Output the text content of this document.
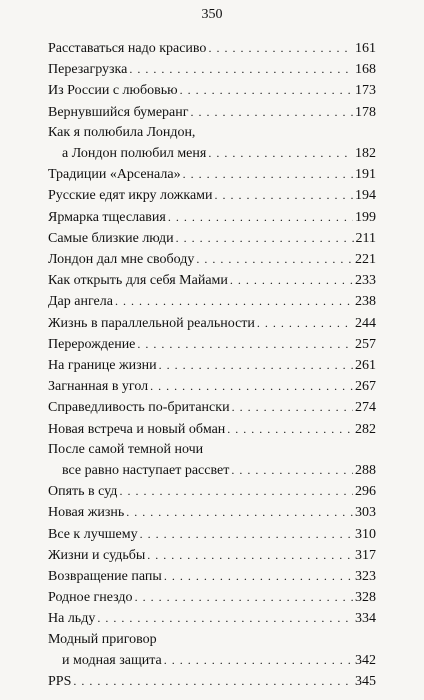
350
Расставаться надо красиво . . .	161
Перезагрузка . . .	168
Из России с любовью . . .	173
Вернувшийся бумеранг . . .	178
Как я полюбила Лондон,
а Лондон полюбил меня . . .	182
Традиции «Арсенала» . . .	191
Русские едят икру ложками . . .	194
Ярмарка тщеславия . . .	199
Самые близкие люди . . .	211
Лондон дал мне свободу . . .	221
Как открыть для себя Майами . . .	233
Дар ангела . . .	238
Жизнь в параллельной реальности . . .	244
Перерождение . . .	257
На границе жизни . . .	261
Загнанная в угол . . .	267
Справедливость по-британски . . .	274
Новая встреча и новый обман . . .	282
После самой темной ночи
все равно наступает рассвет . . .	288
Опять в суд . . .	296
Новая жизнь . . .	303
Все к лучшему . . .	310
Жизни и судьбы . . .	317
Возвращение папы . . .	323
Родное гнездо . . .	328
На льду . . .	334
Модный приговор
и модная защита . . .	342
PPS . . .	345
